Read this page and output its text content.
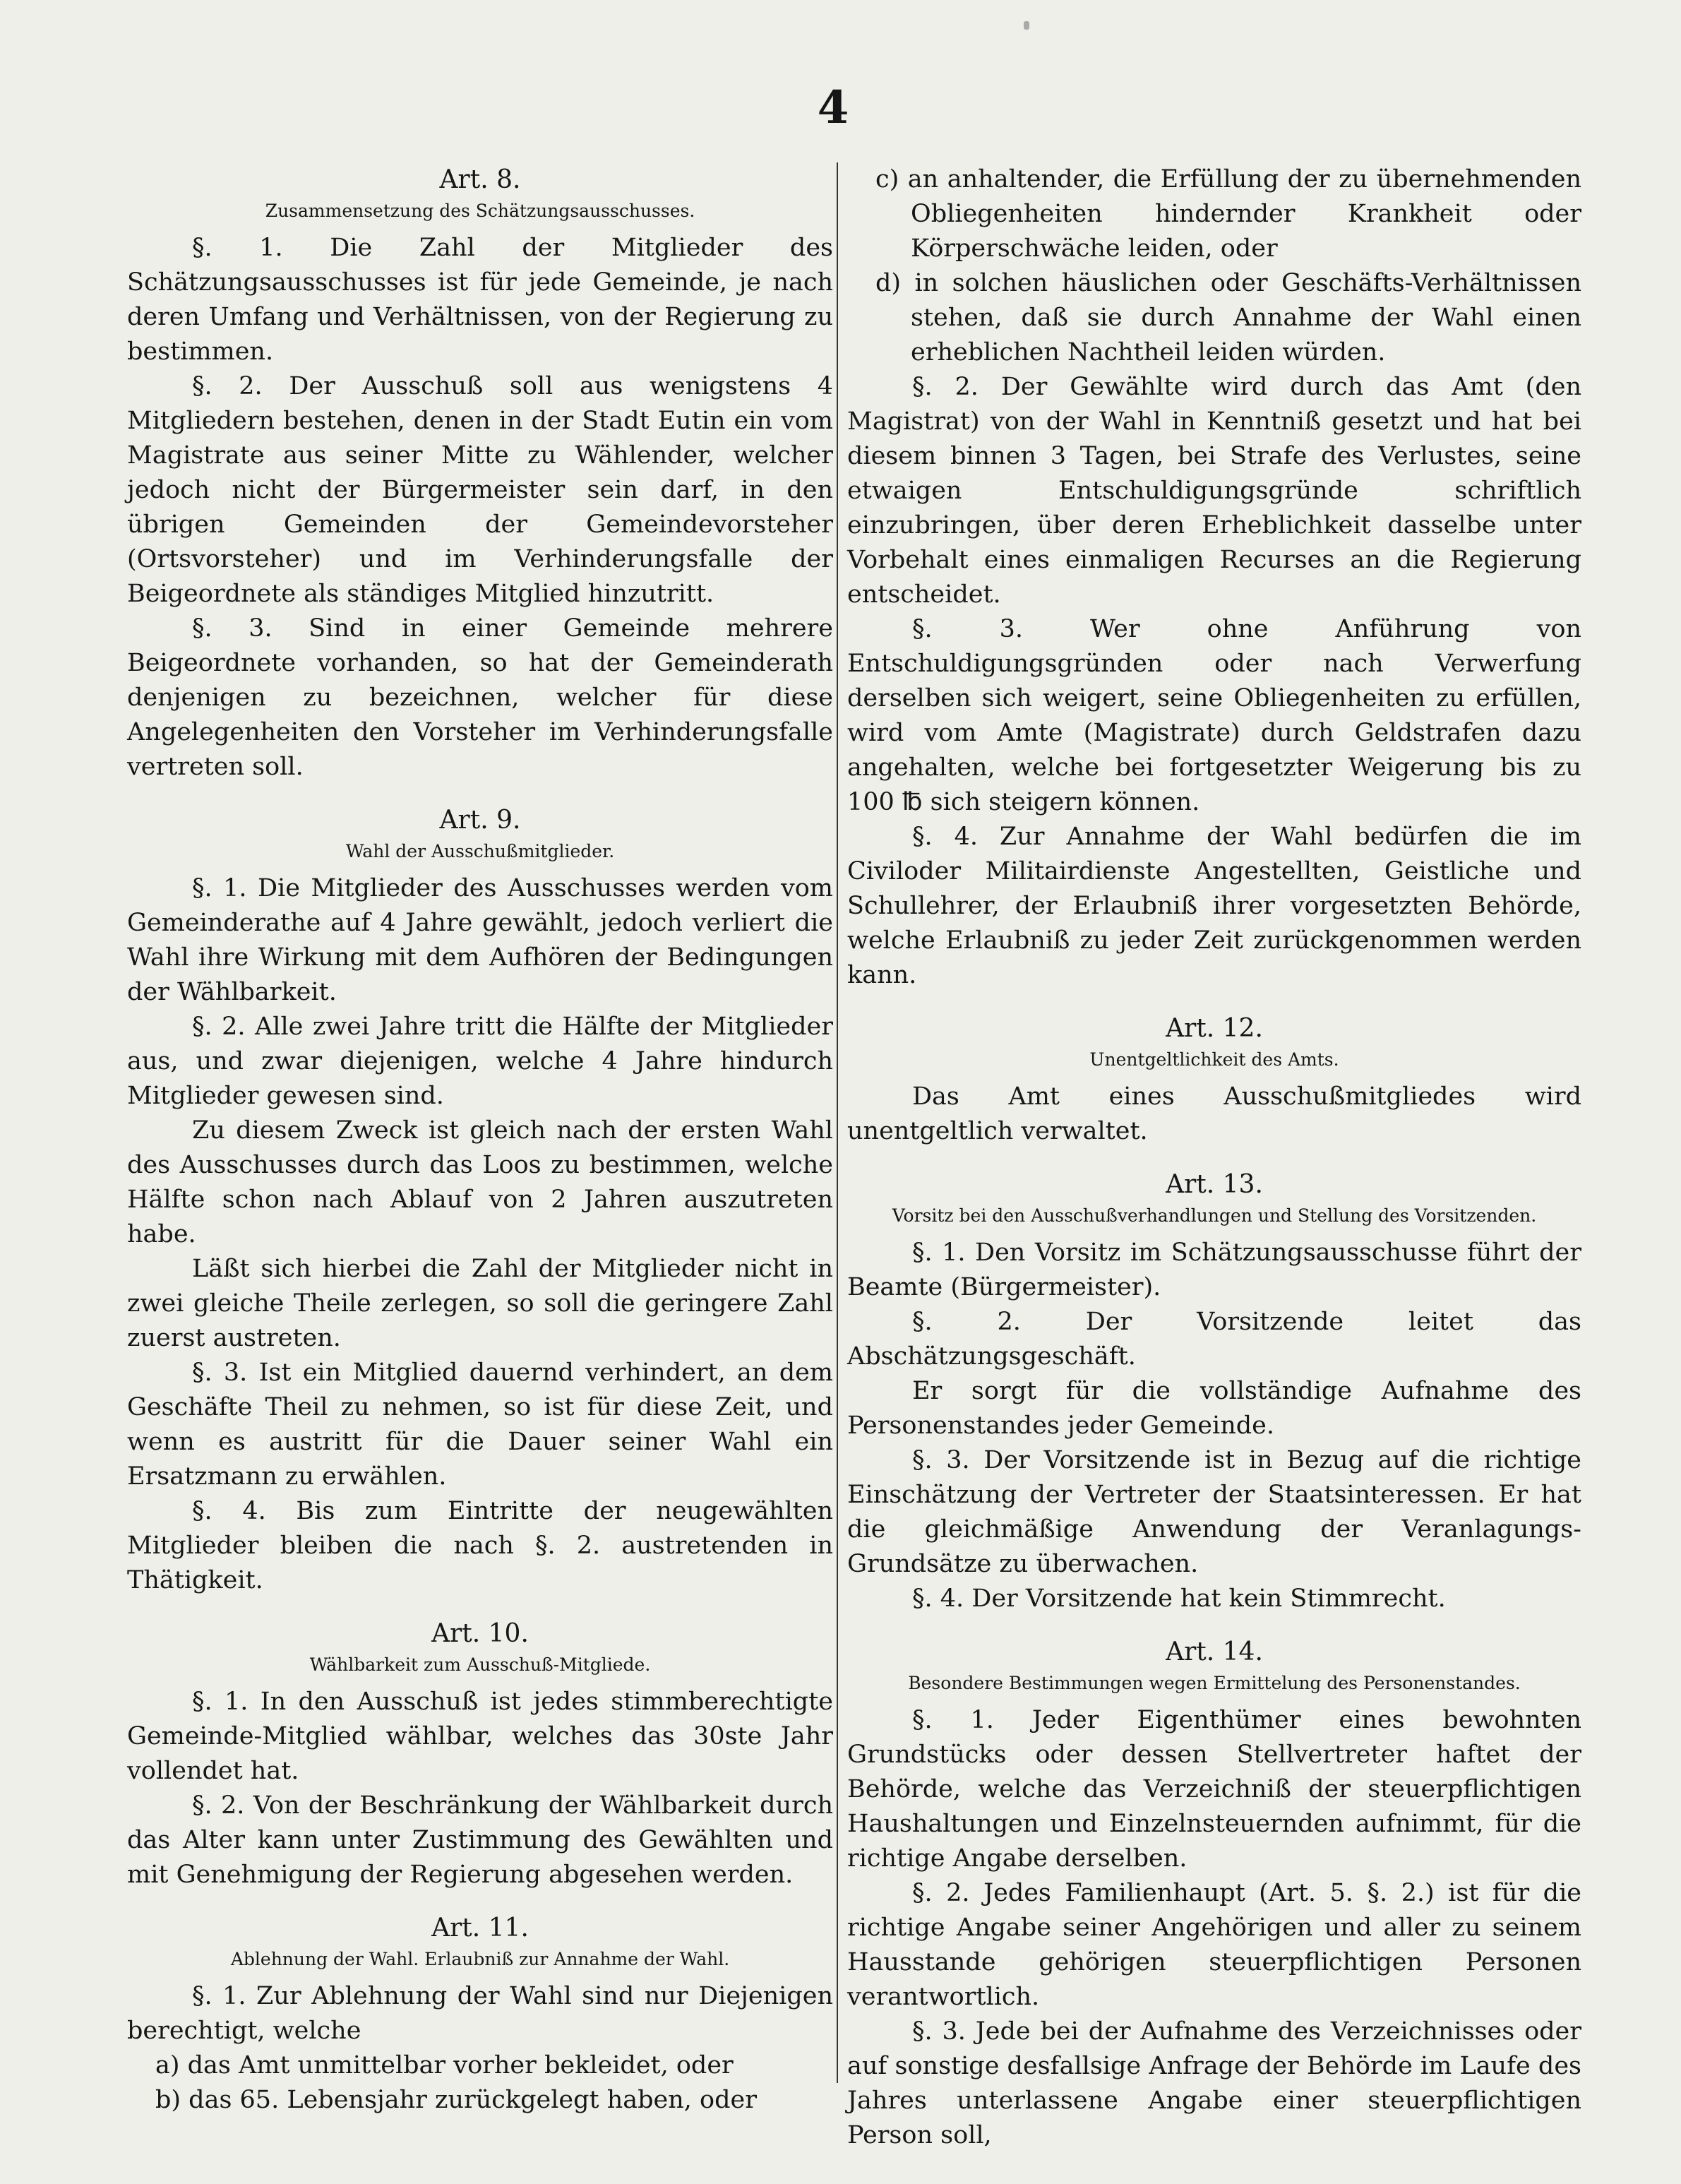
4

Art. 8.

Zusammensetzung des Schätzungsausschusses.

§. 1. Die Zahl der Mitglieder des Schätzungsausschusses ist für jede Gemeinde, je nach deren Umfang und Verhältnissen, von der Regierung zu bestimmen.

§. 2. Der Ausschuß soll aus wenigstens 4 Mitgliedern bestehen, denen in der Stadt Eutin ein vom Magistrate aus seiner Mitte zu Wählender, welcher jedoch nicht der Bürgermeister sein darf, in den übrigen Gemeinden der Gemeindevorsteher (Ortsvorsteher) und im Verhinderungsfalle der Beigeordnete als ständiges Mitglied hinzutritt.

§. 3. Sind in einer Gemeinde mehrere Beigeordnete vorhanden, so hat der Gemeinderath denjenigen zu bezeichnen, welcher für diese Angelegenheiten den Vorsteher im Verhinderungsfalle vertreten soll.

Art. 9.

Wahl der Ausschußmitglieder.

§. 1. Die Mitglieder des Ausschusses werden vom Gemeinderathe auf 4 Jahre gewählt, jedoch verliert die Wahl ihre Wirkung mit dem Aufhören der Bedingungen der Wählbarkeit.

§. 2. Alle zwei Jahre tritt die Hälfte der Mitglieder aus, und zwar diejenigen, welche 4 Jahre hindurch Mitglieder gewesen sind.

Zu diesem Zweck ist gleich nach der ersten Wahl des Ausschusses durch das Loos zu bestimmen, welche Hälfte schon nach Ablauf von 2 Jahren auszutreten habe.

Läßt sich hierbei die Zahl der Mitglieder nicht in zwei gleiche Theile zerlegen, so soll die geringere Zahl zuerst austreten.

§. 3. Ist ein Mitglied dauernd verhindert, an dem Geschäfte Theil zu nehmen, so ist für diese Zeit, und wenn es austritt für die Dauer seiner Wahl ein Ersatzmann zu erwählen.

§. 4. Bis zum Eintritte der neugewählten Mitglieder bleiben die nach §. 2. austretenden in Thätigkeit.

Art. 10.

Wählbarkeit zum Ausschuß-Mitgliede.

§. 1. In den Ausschuß ist jedes stimmberechtigte Gemeinde-Mitglied wählbar, welches das 30ste Jahr vollendet hat.

§. 2. Von der Beschränkung der Wählbarkeit durch das Alter kann unter Zustimmung des Gewählten und mit Genehmigung der Regierung abgesehen werden.

Art. 11.

Ablehnung der Wahl. Erlaubniß zur Annahme der Wahl.

§. 1. Zur Ablehnung der Wahl sind nur Diejenigen berechtigt, welche

a) das Amt unmittelbar vorher bekleidet, oder

b) das 65. Lebensjahr zurückgelegt haben, oder

c) an anhaltender, die Erfüllung der zu übernehmenden Obliegenheiten hindernder Krankheit oder Körperschwäche leiden, oder

d) in solchen häuslichen oder Geschäfts-Verhältnissen stehen, daß sie durch Annahme der Wahl einen erheblichen Nachtheil leiden würden.

§. 2. Der Gewählte wird durch das Amt (den Magistrat) von der Wahl in Kenntniß gesetzt und hat bei diesem binnen 3 Tagen, bei Strafe des Verlustes, seine etwaigen Entschuldigungsgründe schriftlich einzubringen, über deren Erheblichkeit dasselbe unter Vorbehalt eines einmaligen Recurses an die Regierung entscheidet.

§. 3. Wer ohne Anführung von Entschuldigungsgründen oder nach Verwerfung derselben sich weigert, seine Obliegenheiten zu erfüllen, wird vom Amte (Magistrate) durch Geldstrafen dazu angehalten, welche bei fortgesetzter Weigerung bis zu 100 ℔ sich steigern können.

§. 4. Zur Annahme der Wahl bedürfen die im Civiloder Militairdienste Angestellten, Geistliche und Schullehrer, der Erlaubniß ihrer vorgesetzten Behörde, welche Erlaubniß zu jeder Zeit zurückgenommen werden kann.

Art. 12.

Unentgeltlichkeit des Amts.

Das Amt eines Ausschußmitgliedes wird unentgeltlich verwaltet.

Art. 13.

Vorsitz bei den Ausschußverhandlungen und Stellung des Vorsitzenden.

§. 1. Den Vorsitz im Schätzungsausschusse führt der Beamte (Bürgermeister).

§. 2. Der Vorsitzende leitet das Abschätzungsgeschäft.

Er sorgt für die vollständige Aufnahme des Personenstandes jeder Gemeinde.

§. 3. Der Vorsitzende ist in Bezug auf die richtige Einschätzung der Vertreter der Staatsinteressen. Er hat die gleichmäßige Anwendung der Veranlagungs-Grundsätze zu überwachen.

§. 4. Der Vorsitzende hat kein Stimmrecht.

Art. 14.

Besondere Bestimmungen wegen Ermittelung des Personenstandes.

§. 1. Jeder Eigenthümer eines bewohnten Grundstücks oder dessen Stellvertreter haftet der Behörde, welche das Verzeichniß der steuerpflichtigen Haushaltungen und Einzelnsteuernden aufnimmt, für die richtige Angabe derselben.

§. 2. Jedes Familienhaupt (Art. 5. §. 2.) ist für die richtige Angabe seiner Angehörigen und aller zu seinem Hausstande gehörigen steuerpflichtigen Personen verantwortlich.

§. 3. Jede bei der Aufnahme des Verzeichnisses oder auf sonstige desfallsige Anfrage der Behörde im Laufe des Jahres unterlassene Angabe einer steuerpflichtigen Person soll,
